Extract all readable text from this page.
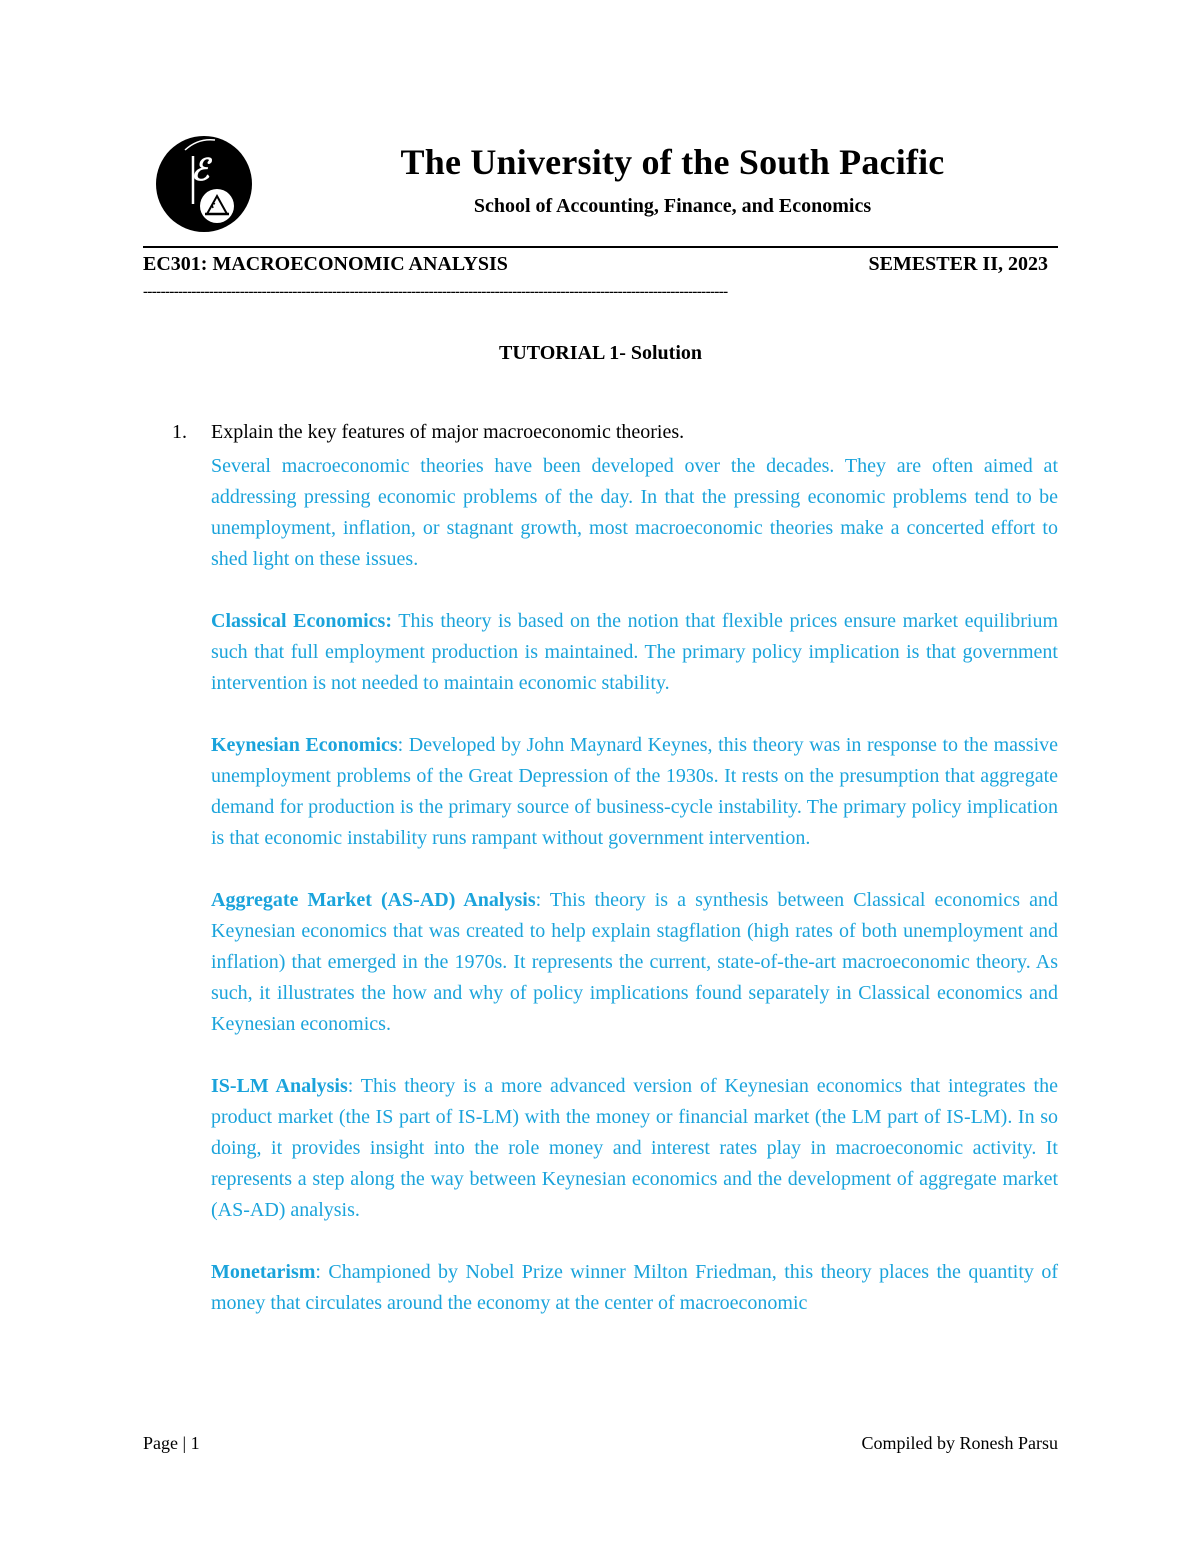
ℰ	The University of the South Pacific
School of Accounting, Finance, and Economics
EC301: MACROECONOMIC ANALYSIS	SEMESTER II, 2023
-------------------------------------------------------------------------------------------------------------------------------------
TUTORIAL 1- Solution
1. Explain the key features of major macroeconomic theories.

Several macroeconomic theories have been developed over the decades. They are often aimed at addressing pressing economic problems of the day. In that the pressing economic problems tend to be unemployment, inflation, or stagnant growth, most macroeconomic theories make a concerted effort to shed light on these issues.

Classical Economics: This theory is based on the notion that flexible prices ensure market equilibrium such that full employment production is maintained. The primary policy implication is that government intervention is not needed to maintain economic stability.

Keynesian Economics: Developed by John Maynard Keynes, this theory was in response to the massive unemployment problems of the Great Depression of the 1930s. It rests on the presumption that aggregate demand for production is the primary source of business-cycle instability. The primary policy implication is that economic instability runs rampant without government intervention.

Aggregate Market (AS-AD) Analysis: This theory is a synthesis between Classical economics and Keynesian economics that was created to help explain stagflation (high rates of both unemployment and inflation) that emerged in the 1970s. It represents the current, state-of-the-art macroeconomic theory. As such, it illustrates the how and why of policy implications found separately in Classical economics and Keynesian economics.

IS-LM Analysis: This theory is a more advanced version of Keynesian economics that integrates the product market (the IS part of IS-LM) with the money or financial market (the LM part of IS-LM). In so doing, it provides insight into the role money and interest rates play in macroeconomic activity. It represents a step along the way between Keynesian economics and the development of aggregate market (AS-AD) analysis.

Monetarism: Championed by Nobel Prize winner Milton Friedman, this theory places the quantity of money that circulates around the economy at the center of macroeconomic

Page | 1	Compiled by Ronesh Parsu
